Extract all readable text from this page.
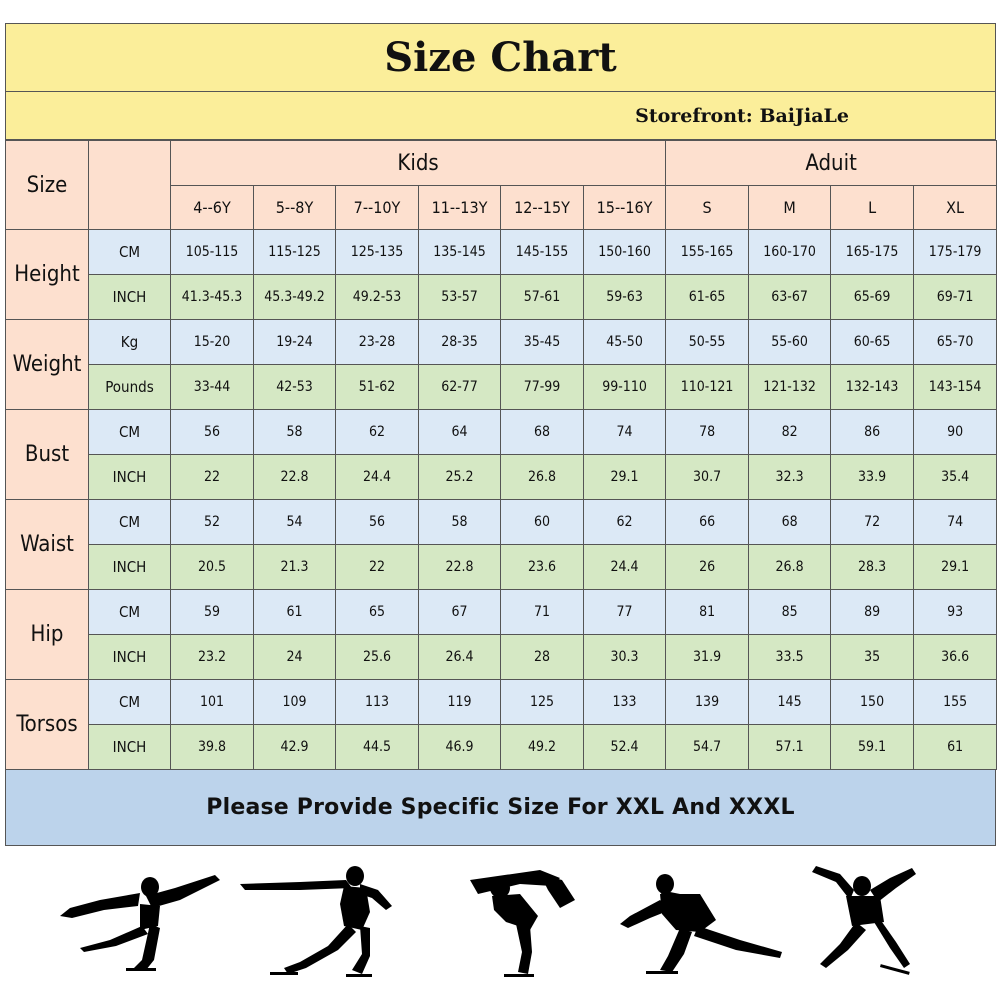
Size Chart
Storefront: BaiJiaLe
Size		Kids						Aduit			
		4--6Y	5--8Y	7--10Y	11--13Y	12--15Y	15--16Y	S	M	L	XL
Height	CM	105-115	115-125	125-135	135-145	145-155	150-160	155-165	160-170	165-175	175-179
	INCH	41.3-45.3	45.3-49.2	49.2-53	53-57	57-61	59-63	61-65	63-67	65-69	69-71
Weight	Kg	15-20	19-24	23-28	28-35	35-45	45-50	50-55	55-60	60-65	65-70
	Pounds	33-44	42-53	51-62	62-77	77-99	99-110	110-121	121-132	132-143	143-154
Bust	CM	56	58	62	64	68	74	78	82	86	90
	INCH	22	22.8	24.4	25.2	26.8	29.1	30.7	32.3	33.9	35.4
Waist	CM	52	54	56	58	60	62	66	68	72	74
	INCH	20.5	21.3	22	22.8	23.6	24.4	26	26.8	28.3	29.1
Hip	CM	59	61	65	67	71	77	81	85	89	93
	INCH	23.2	24	25.6	26.4	28	30.3	31.9	33.5	35	36.6
Torsos	CM	101	109	113	119	125	133	139	145	150	155
	INCH	39.8	42.9	44.5	46.9	49.2	52.4	54.7	57.1	59.1	61
Please Provide Specific Size For XXL And XXXL
